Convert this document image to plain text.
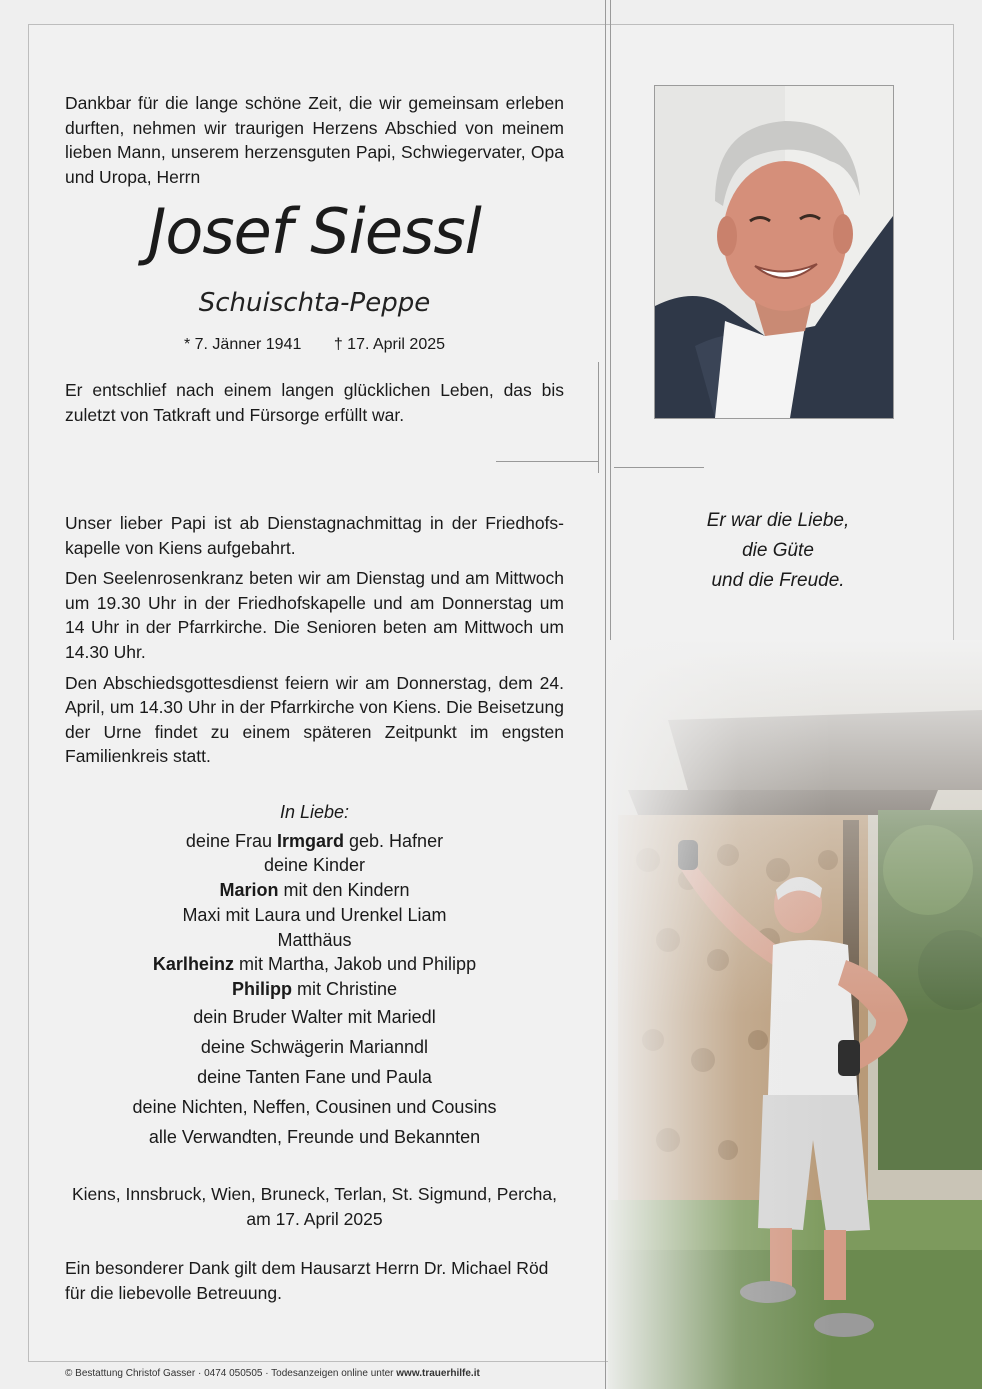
Dankbar für die lange schöne Zeit, die wir gemeinsam erleben durften, nehmen wir traurigen Herzens Abschied von meinem lieben Mann, unserem herzensguten Papi, Schwiegervater, Opa und Uropa, Herrn
Josef Siessl
Schuischta-Peppe
* 7. Jänner 1941 † 17. April 2025
Er entschlief nach einem langen glücklichen Leben, das bis zuletzt von Tatkraft und Fürsorge erfüllt war.

Unser lieber Papi ist ab Dienstagnachmittag in der Friedhofskapelle von Kiens aufgebahrt.

Den Seelenrosenkranz beten wir am Dienstag und am Mittwoch um 19.30 Uhr in der Friedhofskapelle und am Donnerstag um 14 Uhr in der Pfarrkirche. Die Senioren beten am Mittwoch um 14.30 Uhr.

Den Abschiedsgottesdienst feiern wir am Donnerstag, dem 24. April, um 14.30 Uhr in der Pfarrkirche von Kiens. Die Beisetzung der Urne findet zu einem späteren Zeitpunkt im engsten Familienkreis statt.

In Liebe:
deine Frau Irmgard geb. Hafner
deine Kinder
Marion mit den Kindern
Maxi mit Laura und Urenkel Liam
Matthäus
Karlheinz mit Martha, Jakob und Philipp
Philipp mit Christine
dein Bruder Walter mit Mariedl
deine Schwägerin Marianndl
deine Tanten Fane und Paula
deine Nichten, Neffen, Cousinen und Cousins
alle Verwandten, Freunde und Bekannten
Kiens, Innsbruck, Wien, Bruneck, Terlan, St. Sigmund, Percha,
am 17. April 2025
Ein besonderer Dank gilt dem Hausarzt Herrn Dr. Michael Röd für die liebevolle Betreuung.
Er war die Liebe,
die Güte
und die Freude.
© Bestattung Christof Gasser · 0474 050505 · Todesanzeigen online unter www.trauerhilfe.it
